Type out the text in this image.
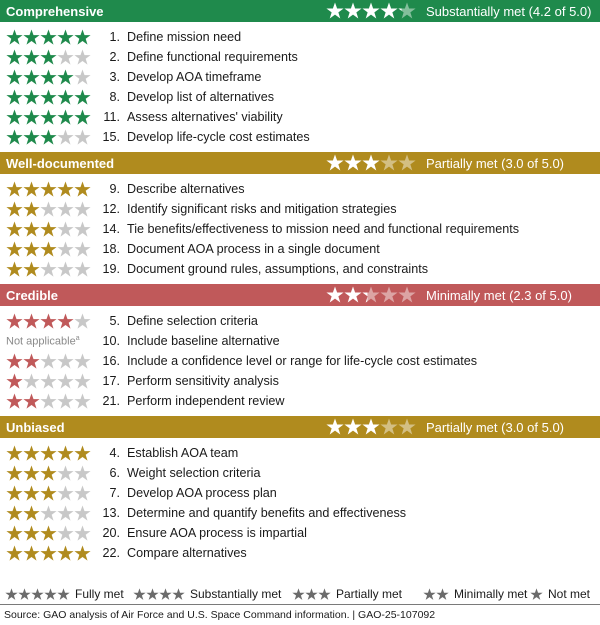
Comprehensive	Substantially met (4.2 of 5.0)
1. Define mission need
2. Define functional requirements
3. Develop AOA timeframe
8. Develop list of alternatives
11. Assess alternatives' viability
15. Develop life-cycle cost estimates
Well-documented	Partially met (3.0 of 5.0)
9. Describe alternatives
12. Identify significant risks and mitigation strategies
14. Tie benefits/effectiveness to mission need and functional requirements
18. Document AOA process in a single document
19. Document ground rules, assumptions, and constraints
Credible	Minimally met (2.3 of 5.0)
5. Define selection criteria
Not applicable$^a$	10. Include baseline alternative
16. Include a confidence level or range for life-cycle cost estimates
17. Perform sensitivity analysis
21. Perform independent review
Unbiased	Partially met (3.0 of 5.0)
4. Establish AOA team
6. Weight selection criteria
7. Develop AOA process plan
13. Determine and quantify benefits and effectiveness
20. Ensure AOA process is impartial
22. Compare alternatives
Fully met	Substantially met	Partially met	Minimally met Not met
Source: GAO analysis of Air Force and U.S. Space Command information. | GAO-25-107092
